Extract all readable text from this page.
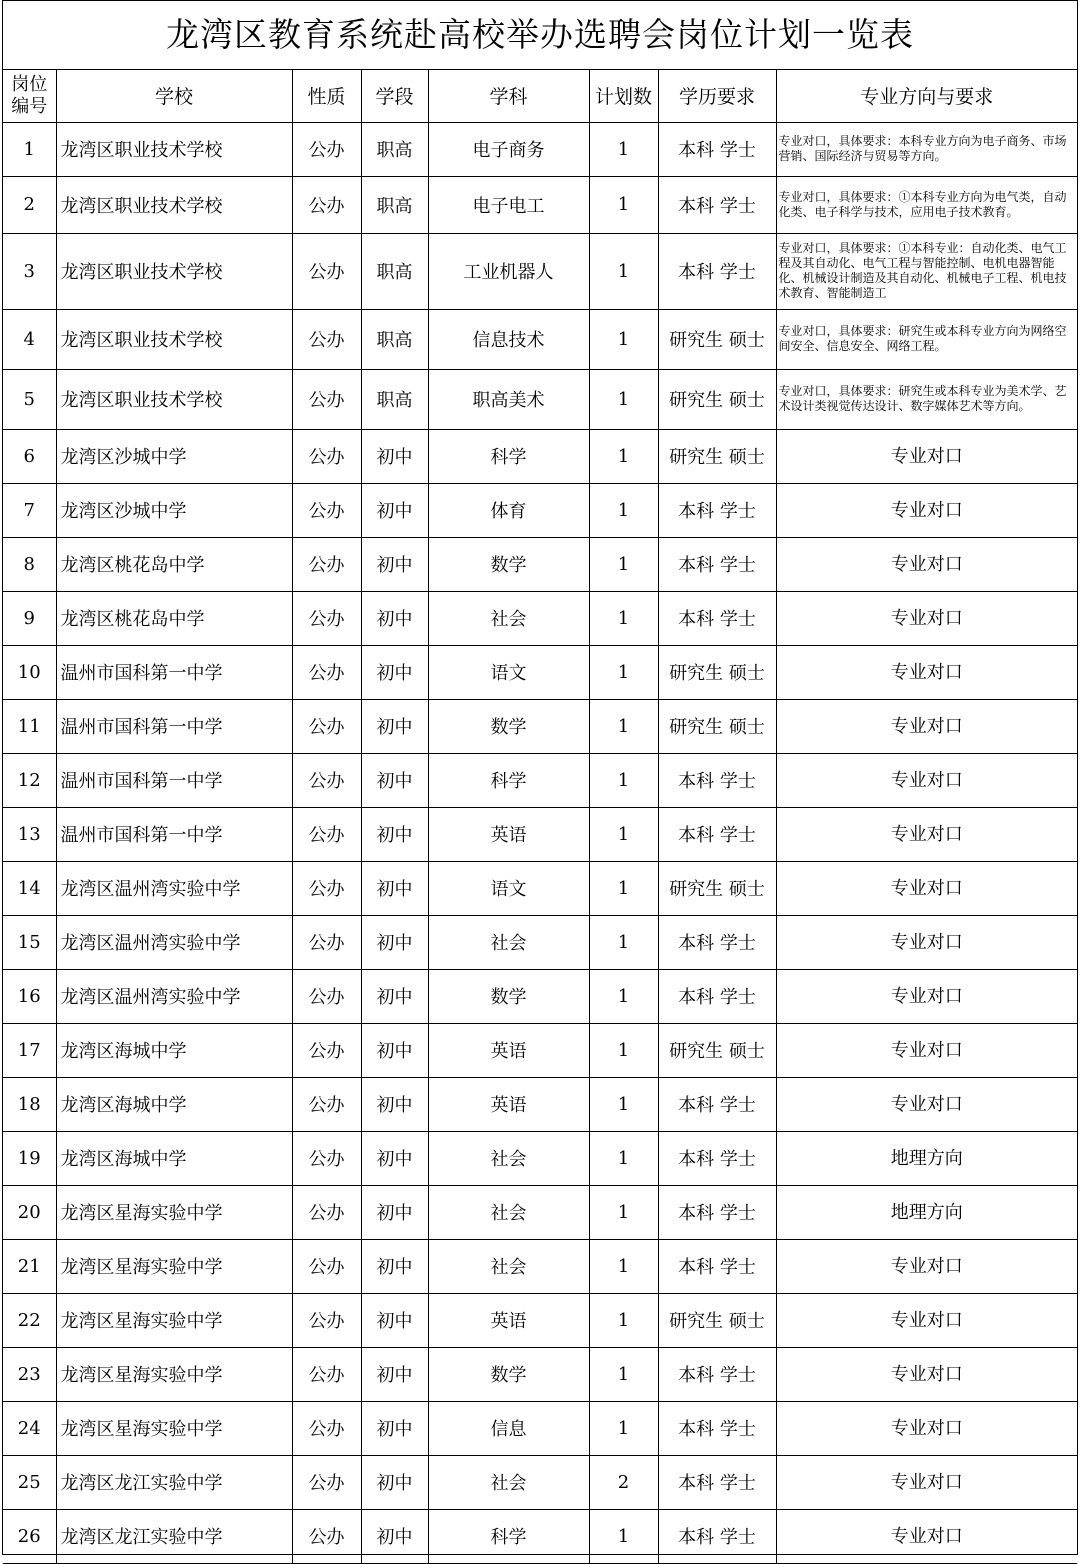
龙湾区教育系统赴高校举办选聘会岗位计划一览表
岗位编号	学校	性质	学段	学科	计划数	学历要求	专业方向与要求
1	龙湾区职业技术学校	公办	职高	电子商务	1	本科 学士	专业对口，具体要求：本科专业方向为电子商务、市场营销、国际经济与贸易等方向。
2	龙湾区职业技术学校	公办	职高	电子电工	1	本科 学士	专业对口，具体要求：①本科专业方向为电气类，自动化类、电子科学与技术，应用电子技术教育。
3	龙湾区职业技术学校	公办	职高	工业机器人	1	本科 学士	专业对口，具体要求：①本科专业：自动化类、电气工程及其自动化、电气工程与智能控制、电机电器智能化、机械设计制造及其自动化、机械电子工程、机电技术教育、智能制造工
4	龙湾区职业技术学校	公办	职高	信息技术	1	研究生 硕士	专业对口，具体要求：研究生或本科专业方向为网络空间安全、信息安全、网络工程。
5	龙湾区职业技术学校	公办	职高	职高美术	1	研究生 硕士	专业对口，具体要求：研究生或本科专业为美术学、艺术设计类视觉传达设计、数字媒体艺术等方向。
6	龙湾区沙城中学	公办	初中	科学	1	研究生 硕士	专业对口
7	龙湾区沙城中学	公办	初中	体育	1	本科 学士	专业对口
8	龙湾区桃花岛中学	公办	初中	数学	1	本科 学士	专业对口
9	龙湾区桃花岛中学	公办	初中	社会	1	本科 学士	专业对口
10	温州市国科第一中学	公办	初中	语文	1	研究生 硕士	专业对口
11	温州市国科第一中学	公办	初中	数学	1	研究生 硕士	专业对口
12	温州市国科第一中学	公办	初中	科学	1	本科 学士	专业对口
13	温州市国科第一中学	公办	初中	英语	1	本科 学士	专业对口
14	龙湾区温州湾实验中学	公办	初中	语文	1	研究生 硕士	专业对口
15	龙湾区温州湾实验中学	公办	初中	社会	1	本科 学士	专业对口
16	龙湾区温州湾实验中学	公办	初中	数学	1	本科 学士	专业对口
17	龙湾区海城中学	公办	初中	英语	1	研究生 硕士	专业对口
18	龙湾区海城中学	公办	初中	英语	1	本科 学士	专业对口
19	龙湾区海城中学	公办	初中	社会	1	本科 学士	地理方向
20	龙湾区星海实验中学	公办	初中	社会	1	本科 学士	地理方向
21	龙湾区星海实验中学	公办	初中	社会	1	本科 学士	专业对口
22	龙湾区星海实验中学	公办	初中	英语	1	研究生 硕士	专业对口
23	龙湾区星海实验中学	公办	初中	数学	1	本科 学士	专业对口
24	龙湾区星海实验中学	公办	初中	信息	1	本科 学士	专业对口
25	龙湾区龙江实验中学	公办	初中	社会	2	本科 学士	专业对口
26	龙湾区龙江实验中学	公办	初中	科学	1	本科 学士	专业对口
